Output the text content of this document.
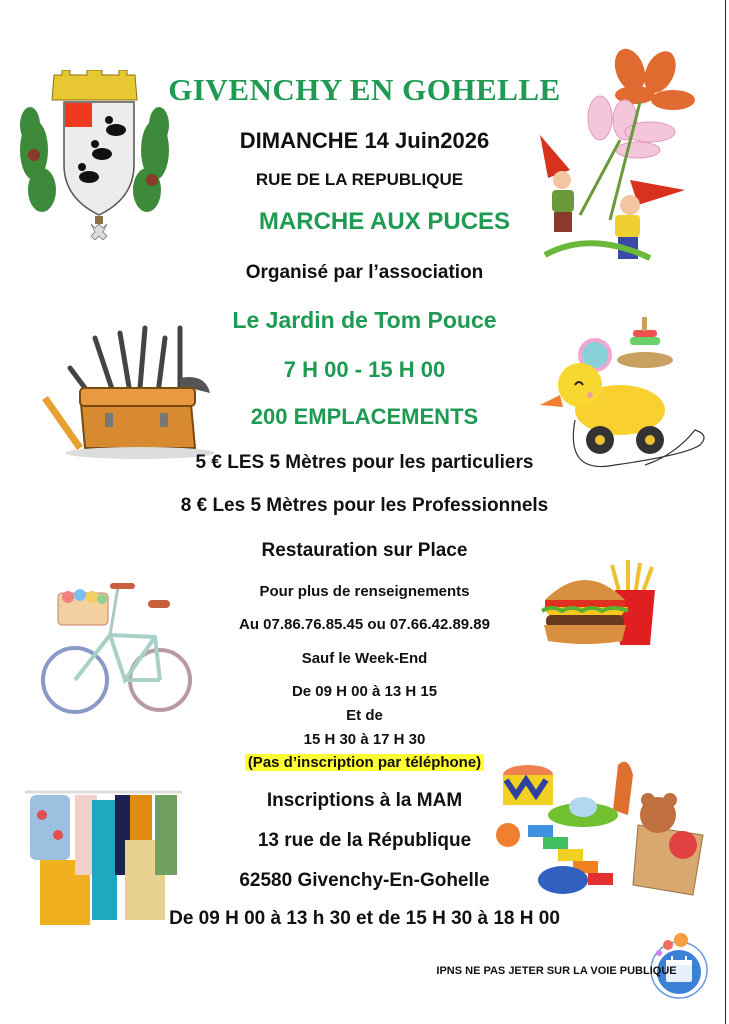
GIVENCHY EN GOHELLE
DIMANCHE 14 Juin2026
RUE DE LA REPUBLIQUE
MARCHE AUX PUCES
Organisé par l’association
Le Jardin de Tom Pouce
7 H 00 - 15 H 00
200 EMPLACEMENTS
5 € LES 5 Mètres pour les particuliers
8 € Les 5 Mètres pour les Professionnels
Restauration sur Place
Pour plus de renseignements
Au 07.86.76.85.45 ou 07.66.42.89.89
Sauf le Week-End
De 09 H 00 à 13 H 15
Et de
15 H 30 à 17 H 30
(Pas d’inscription par téléphone)
Inscriptions à la MAM
13 rue de la République
62580 Givenchy-En-Gohelle
De 09 H 00 à 13 h 30 et de 15 H 30 à 18 H 00
IPNS NE PAS JETER SUR LA VOIE PUBLIQUE
